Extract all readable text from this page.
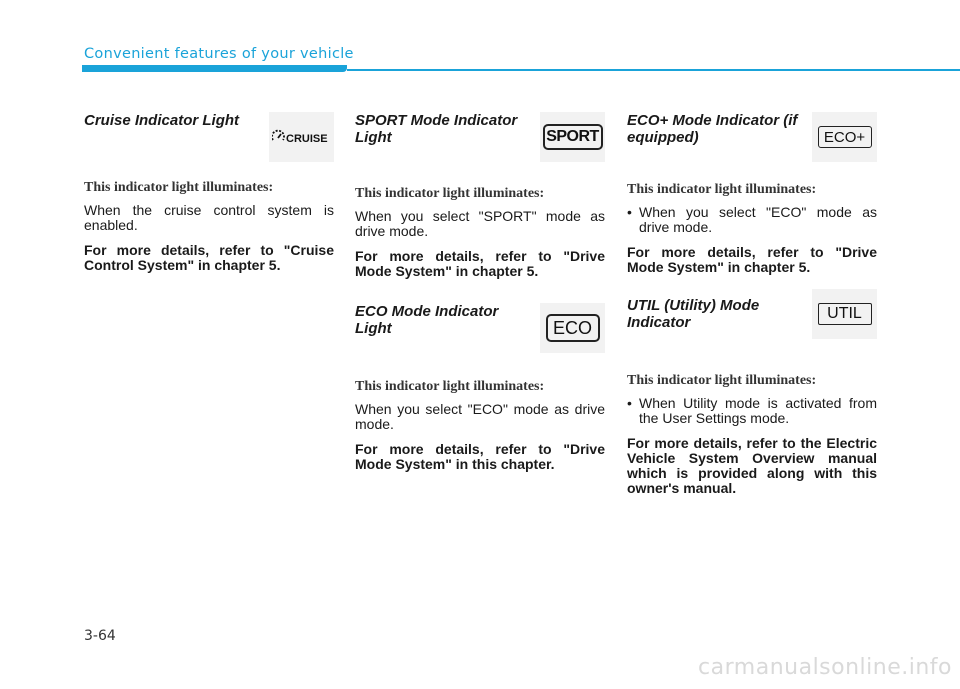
Convenient features of your vehicle
Cruise Indicator Light
CRUISE

This indicator light illuminates:

When the cruise control system is enabled.

For more details, refer to "Cruise Control System" in chapter 5.

SPORT Mode Indicator Light	SPORT

This indicator light illuminates:

When you select "SPORT" mode as drive mode.

For more details, refer to "Drive Mode System" in chapter 5.

ECO Mode Indicator Light	ECO

This indicator light illuminates:

When you select "ECO" mode as drive mode.

For more details, refer to "Drive Mode System" in this chapter.

ECO+ Mode Indicator (if equipped)	ECO+

This indicator light illuminates:

• When you select "ECO" mode as drive mode.

For more details, refer to "Drive Mode System" in chapter 5.

UTIL (Utility) Mode Indicator
UTIL

This indicator light illuminates:

• When Utility mode is activated from the User Settings mode.

For more details, refer to the Electric Vehicle System Overview manual which is provided along with this owner's manual.

3-64
carmanualsonline.info
